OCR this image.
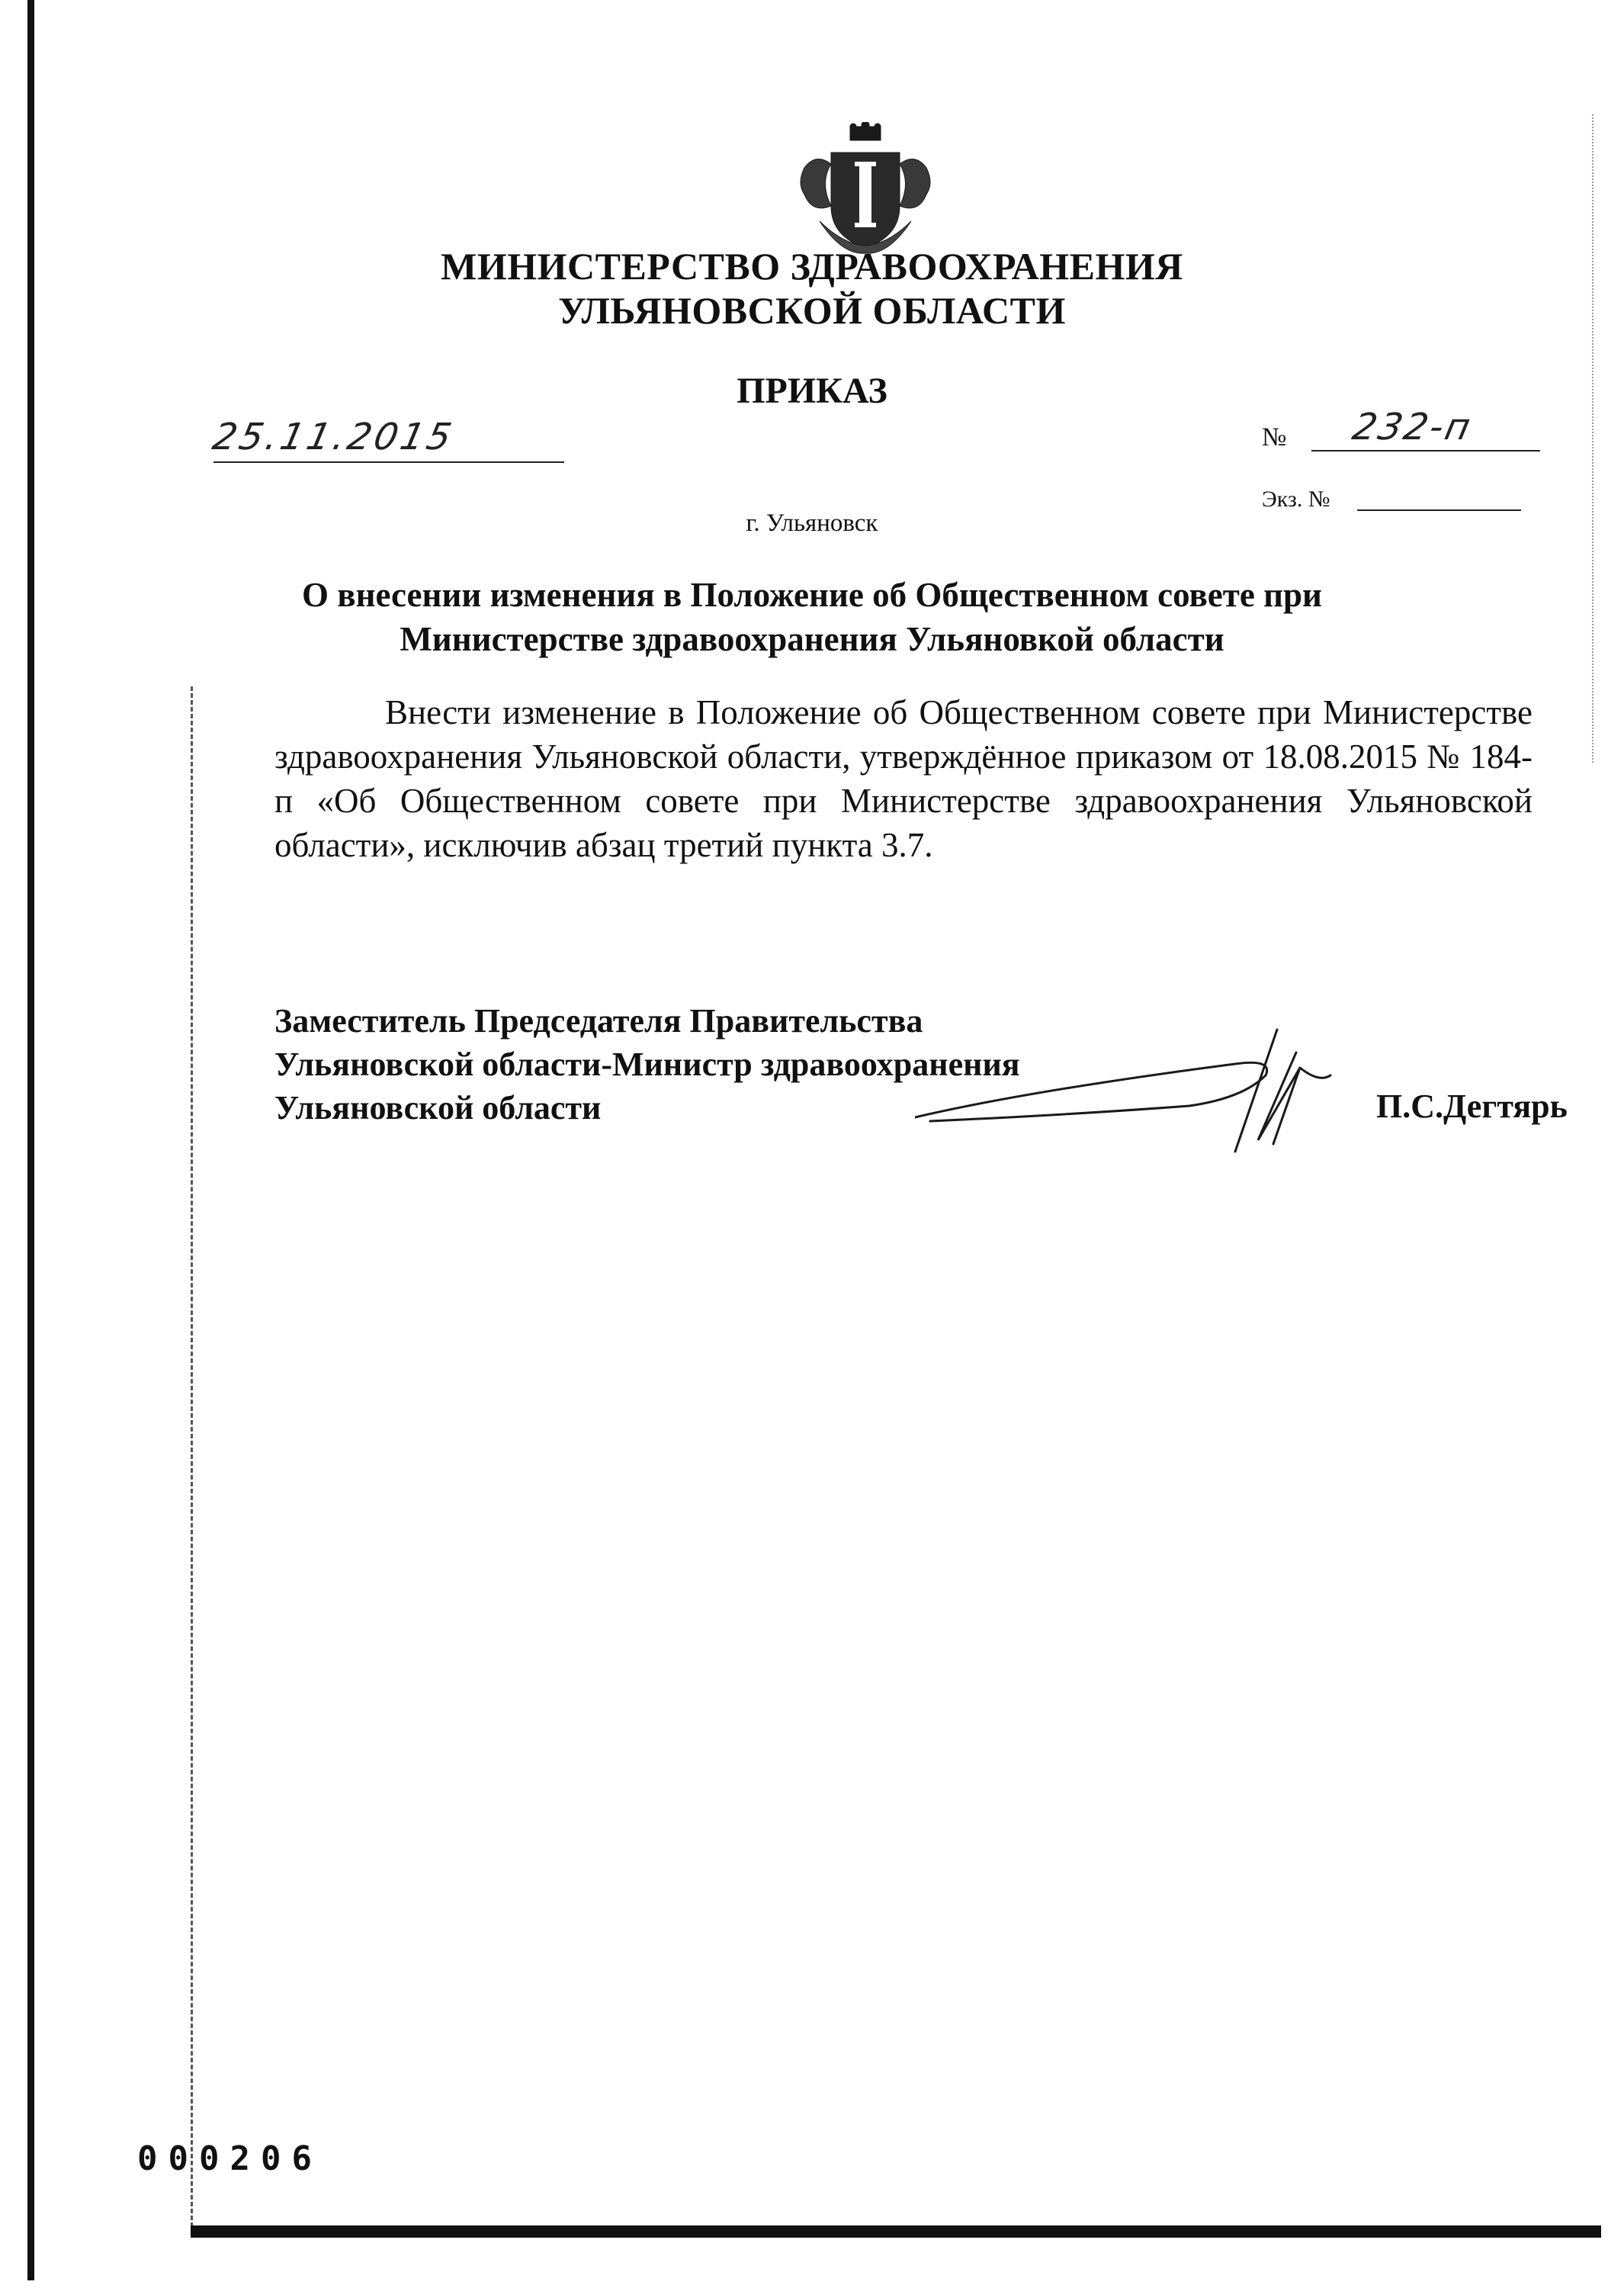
МИНИСТЕРСТВО ЗДРАВООХРАНЕНИЯ
УЛЬЯНОВСКОЙ ОБЛАСТИ
ПРИКАЗ
25.11.2015	№ 232-п
Экз. №
г. Ульяновск
О внесении изменения в Положение об Общественном совете при
Министерстве здравоохранения Ульяновкой области
Внести изменение в Положение об Общественном совете при Министерстве здравоохранения Ульяновской области, утверждённое приказом от 18.08.2015 № 184-п «Об Общественном совете при Министерстве здравоохранения Ульяновской области», исключив абзац третий пункта 3.7.
Заместитель Председателя Правительства
Ульяновской области-Министр здравоохранения
Ульяновской области	П.С.Дегтярь
000206
